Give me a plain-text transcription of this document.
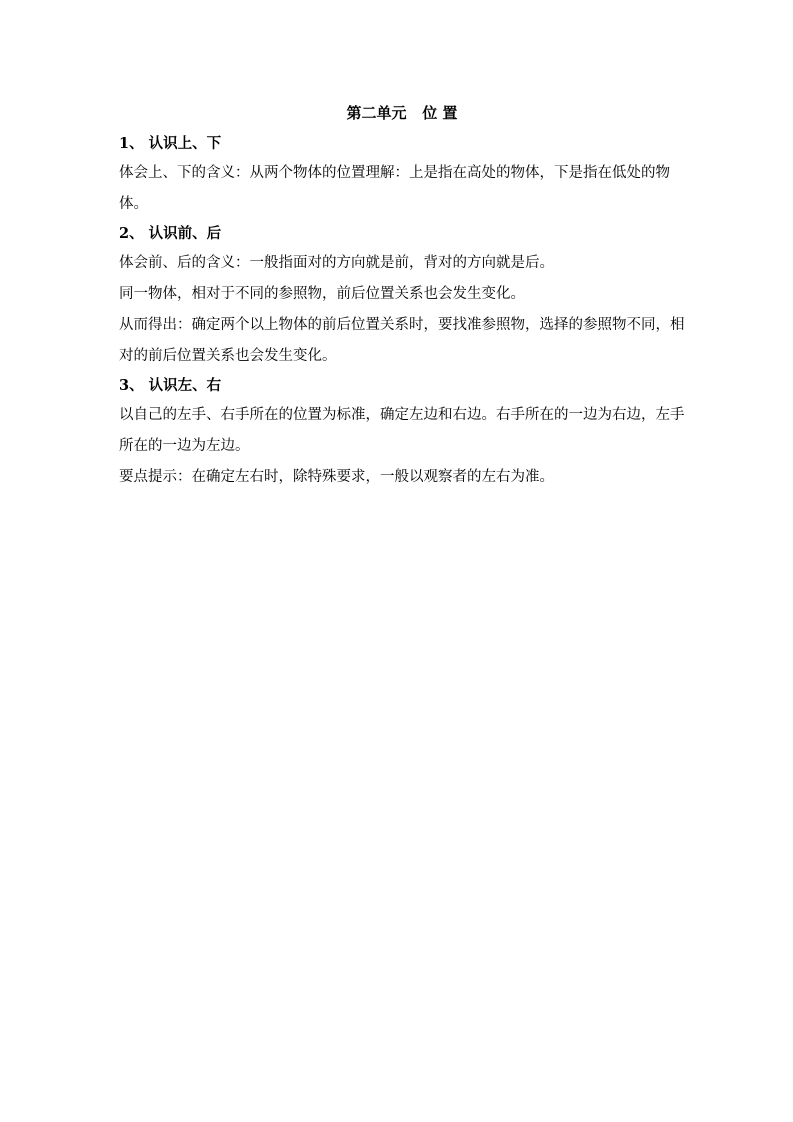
第二单元   位 置
1、 认识上、下
体会上、下的含义：从两个物体的位置理解：上是指在高处的物体，下是指在低处的物体。
2、 认识前、后
体会前、后的含义：一般指面对的方向就是前，背对的方向就是后。
同一物体，相对于不同的参照物，前后位置关系也会发生变化。
从而得出：确定两个以上物体的前后位置关系时，要找准参照物，选择的参照物不同，相对的前后位置关系也会发生变化。
3、 认识左、右
以自己的左手、右手所在的位置为标准，确定左边和右边。右手所在的一边为右边，左手所在的一边为左边。
要点提示：在确定左右时，除特殊要求，一般以观察者的左右为准。
